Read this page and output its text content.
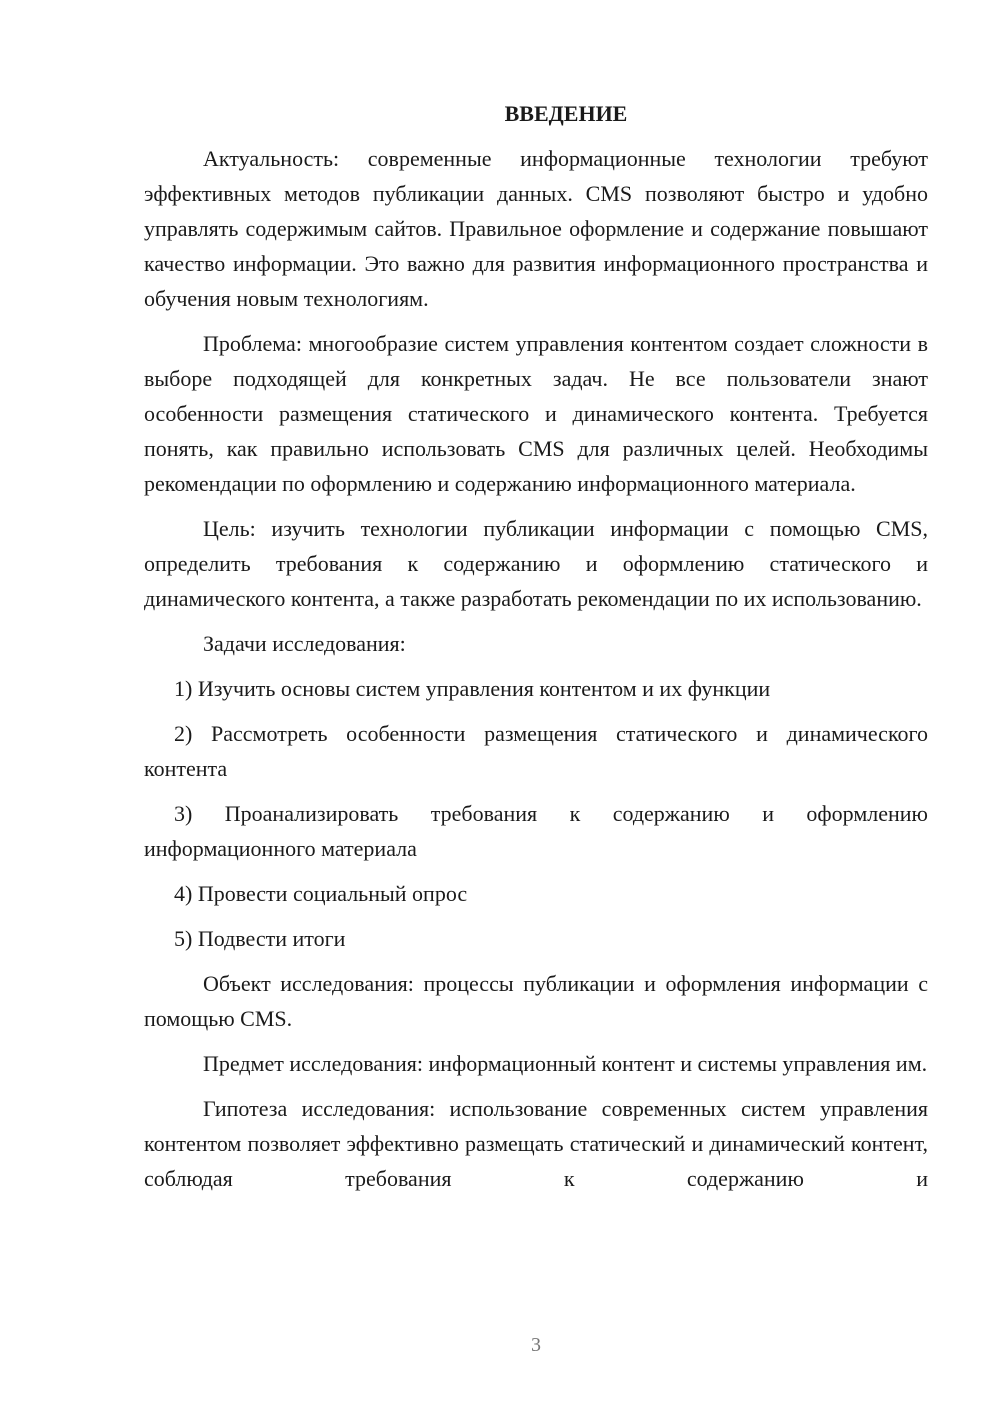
ВВЕДЕНИЕ

Актуальность: современные информационные технологии требуют эффективных методов публикации данных. CMS позволяют быстро и удобно управлять содержимым сайтов. Правильное оформление и содержание повышают качество информации. Это важно для развития информационного пространства и обучения новым технологиям.

Проблема: многообразие систем управления контентом создает сложности в выборе подходящей для конкретных задач. Не все пользователи знают особенности размещения статического и динамического контента. Требуется понять, как правильно использовать CMS для различных целей. Необходимы рекомендации по оформлению и содержанию информационного материала.

Цель: изучить технологии публикации информации с помощью CMS, определить требования к содержанию и оформлению статического и динамического контента, а также разработать рекомендации по их использованию.

Задачи исследования:

1) Изучить основы систем управления контентом и их функции

2) Рассмотреть особенности размещения статического и динамического контента

3) Проанализировать требования к содержанию и оформлению информационного материала

4) Провести социальный опрос

5) Подвести итоги

Объект исследования: процессы публикации и оформления информации с помощью CMS.

Предмет исследования: информационный контент и системы управления им.

Гипотеза исследования: использование современных систем управления контентом позволяет эффективно размещать статический и динамический контент, соблюдая требования к содержанию и

3
